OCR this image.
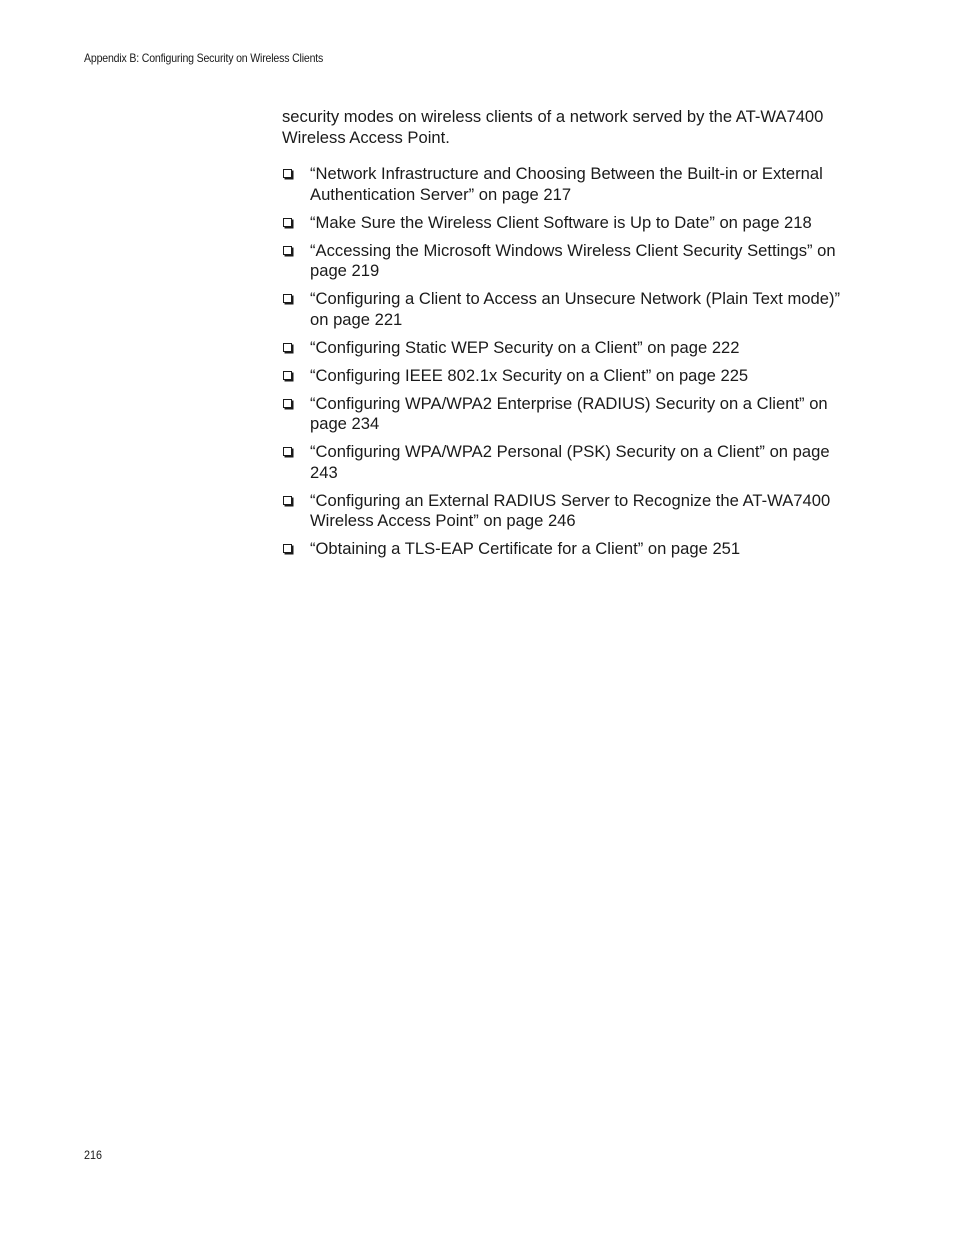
Appendix B: Configuring Security on Wireless Clients

security modes on wireless clients of a network served by the AT-WA7400 Wireless Access Point.

“Network Infrastructure and Choosing Between the Built-in or External Authentication Server” on page 217
“Make Sure the Wireless Client Software is Up to Date” on page 218
“Accessing the Microsoft Windows Wireless Client Security Settings” on page 219
“Configuring a Client to Access an Unsecure Network (Plain Text mode)” on page 221
“Configuring Static WEP Security on a Client” on page 222
“Configuring IEEE 802.1x Security on a Client” on page 225
“Configuring WPA/WPA2 Enterprise (RADIUS) Security on a Client” on page 234
“Configuring WPA/WPA2 Personal (PSK) Security on a Client” on page 243
“Configuring an External RADIUS Server to Recognize the AT-WA7400 Wireless Access Point” on page 246
“Obtaining a TLS-EAP Certificate for a Client” on page 251
216
